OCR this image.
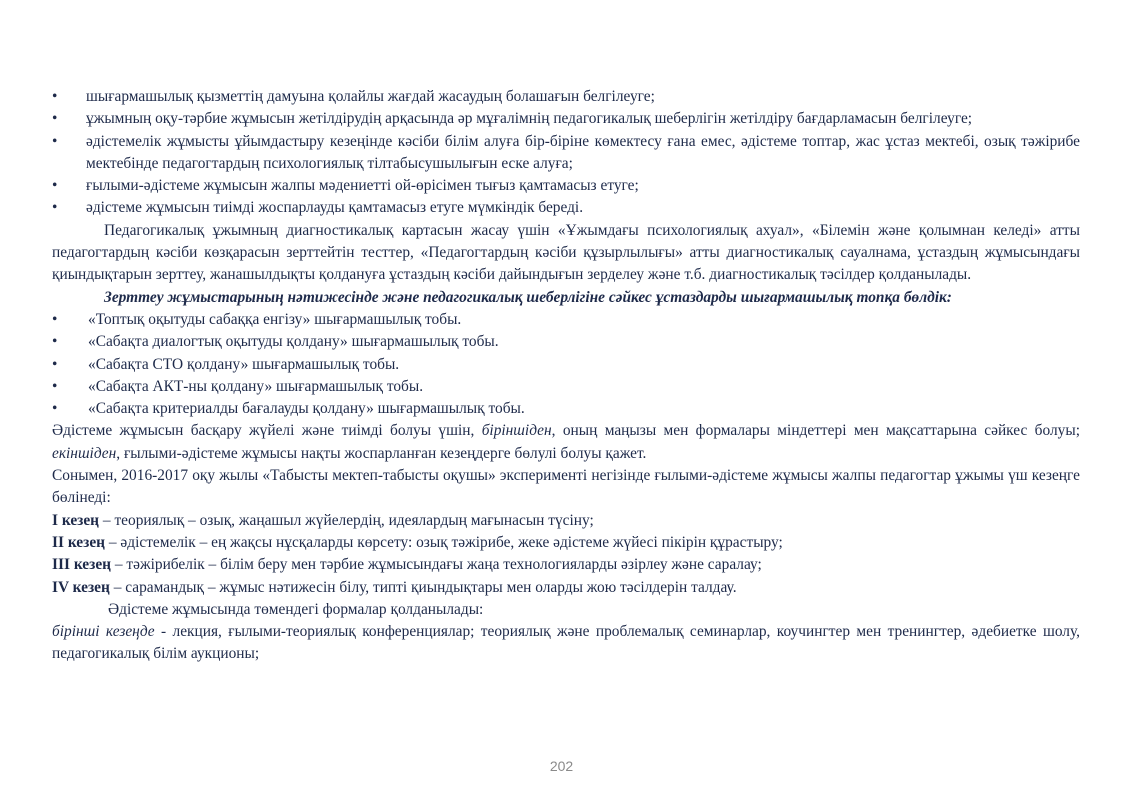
• шығармашылық қызметтің дамуына қолайлы жағдай жасаудың болашағын белгілеуге;
• ұжымның оқу-тәрбие жұмысын жетілдірудің арқасында әр мұғалімнің педагогикалық шеберлігін жетілдіру бағдарламасын белгілеуге;
• әдістемелік жұмысты ұйымдастыру кезеңінде кәсіби білім алуға бір-біріне көмектесу ғана емес, әдістеме топтар, жас ұстаз мектебі, озық тәжірибе мектебінде педагогтардың психологиялық тілтабысушылығын еске алуға;
• ғылыми-әдістеме жұмысын жалпы мәдениетті ой-өрісімен тығыз қамтамасыз етуге;
• әдістеме жұмысын тиімді жоспарлауды қамтамасыз етуге мүмкіндік береді.
Педагогикалық ұжымның диагностикалық картасын жасау үшін «Ұжымдағы психологиялық ахуал», «Білемін және қолымнан келеді» атты педагогтардың кәсіби көзқарасын зерттейтін тесттер, «Педагогтардың кәсіби құзырлылығы» атты диагностикалық сауалнама, ұстаздың жұмысындағы қиындықтарын зерттеу, жанашылдықты қолдануға ұстаздың кәсіби дайындығын зерделеу және т.б. диагностикалық тәсілдер қолданылады.
Зерттеу жұмыстарының нәтижесінде және педагогикалық шеберлігіне сәйкес ұстаздарды шығармашылық топқа бөлдік:
• «Топтық оқытуды сабаққа енгізу» шығармашылық тобы.
• «Сабақта диалогтық оқытуды қолдану» шығармашылық тобы.
• «Сабақта СТО қолдану» шығармашылық тобы.
• «Сабақта АКТ-ны қолдану» шығармашылық тобы.
• «Сабақта критериалды бағалауды қолдану» шығармашылық тобы.
Әдістеме жұмысын басқару жүйелі және тиімді болуы үшін, біріншіден, оның маңызы мен формалары міндеттері мен мақсаттарына сәйкес болуы; екіншіден, ғылыми-әдістеме жұмысы нақты жоспарланған кезеңдерге бөлулі болуы қажет.
Сонымен, 2016-2017 оқу жылы «Табысты мектеп-табысты оқушы» эксперименті негізінде ғылыми-әдістеме жұмысы жалпы педагогтар ұжымы үш кезеңге бөлінеді:
I кезең – теориялық – озық, жаңашыл жүйелердің, идеялардың мағынасын түсіну;
II кезең – әдістемелік – ең жақсы нұсқаларды көрсету: озық тәжірибе, жеке әдістеме жүйесі пікірін құрастыру;
III кезең – тәжірибелік – білім беру мен тәрбие жұмысындағы жаңа технологияларды әзірлеу және саралау;
IV кезең – сарамандық – жұмыс нәтижесін білу, типті қиындықтары мен оларды жою тәсілдерін талдау.
Әдістеме жұмысында төмендегі формалар қолданылады:
бірінші кезеңде - лекция, ғылыми-теориялық конференциялар; теориялық және проблемалық семинарлар, коучингтер мен тренингтер, әдебиетке шолу, педагогикалық білім аукционы;
202
